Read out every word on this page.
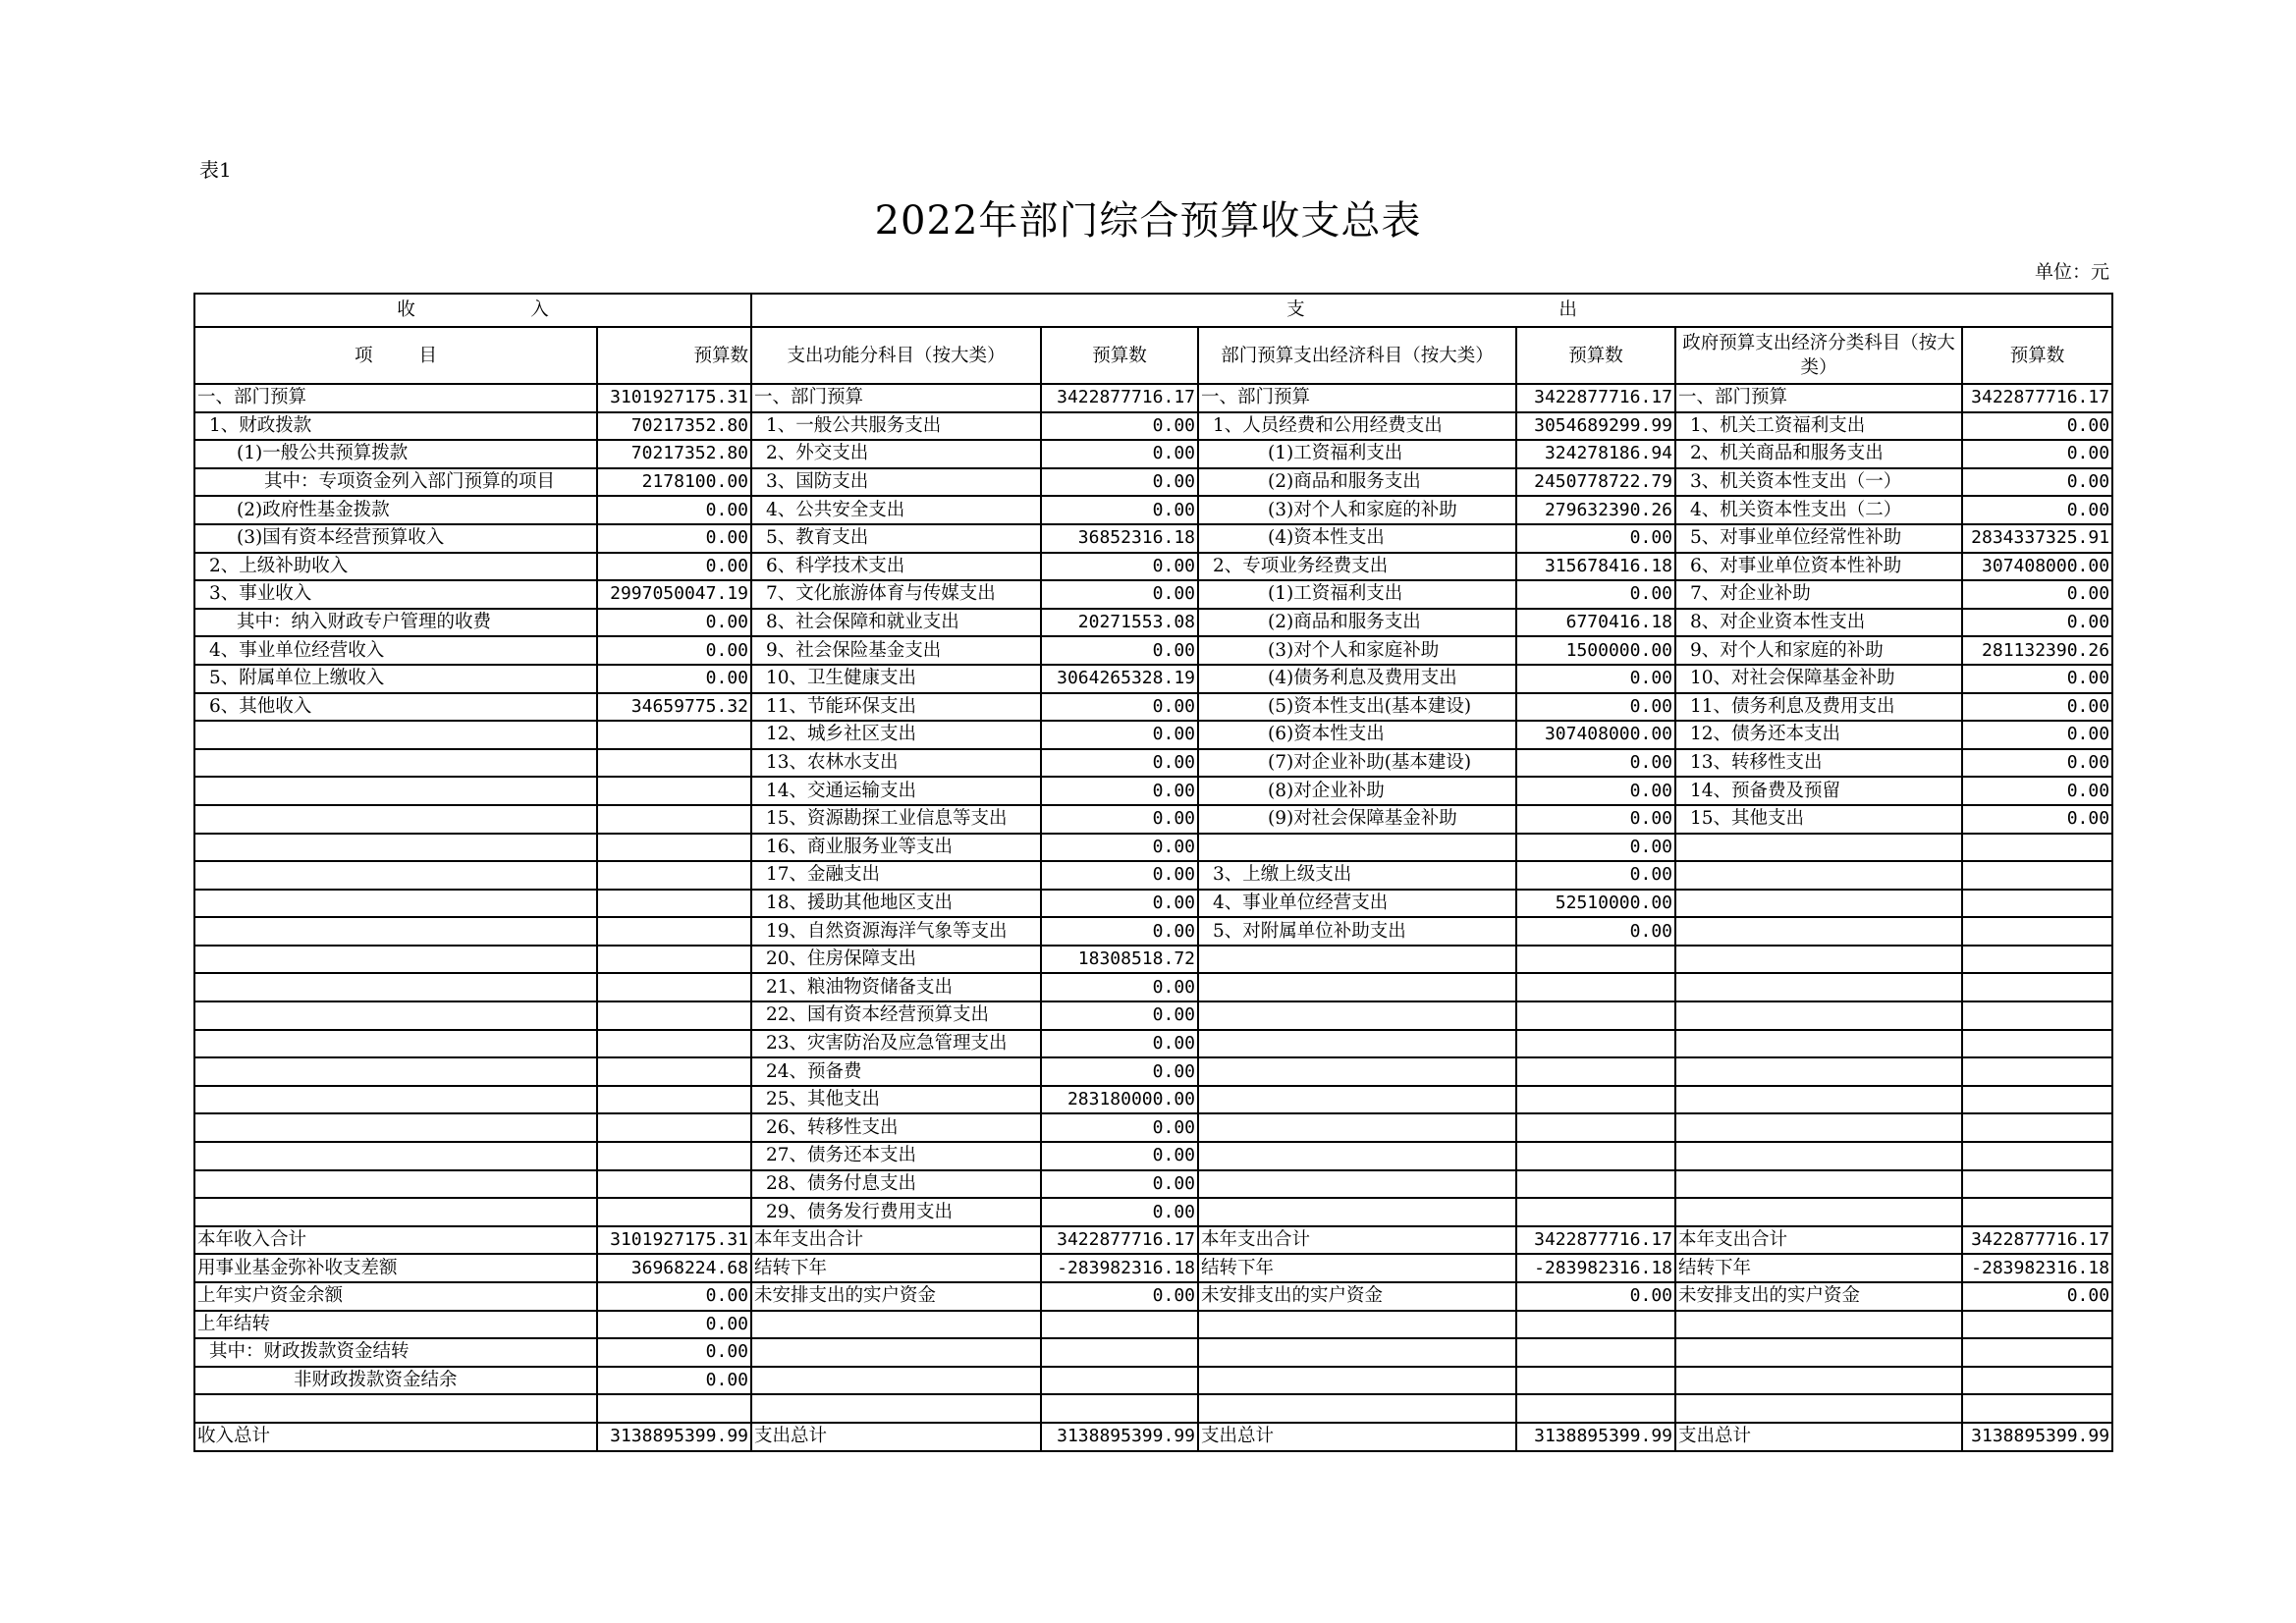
表1
2022年部门综合预算收支总表
单位：元
收                    入		支                                            出					
项        目	预算数	支出功能分科目（按大类）	预算数	部门预算支出经济科目（按大类）	预算数	政府预算支出经济分类科目（按大类）	预算数
一、部门预算	3101927175.31	一、部门预算	3422877716.17	一、部门预算	3422877716.17	一、部门预算	3422877716.17
1、财政拨款	70217352.80	1、一般公共服务支出	0.00	1、人员经费和公用经费支出	3054689299.99	1、机关工资福利支出	0.00
(1)一般公共预算拨款	70217352.80	2、外交支出	0.00	(1)工资福利支出	324278186.94	2、机关商品和服务支出	0.00
其中：专项资金列入部门预算的项目	2178100.00	3、国防支出	0.00	(2)商品和服务支出	2450778722.79	3、机关资本性支出（一）	0.00
(2)政府性基金拨款	0.00	4、公共安全支出	0.00	(3)对个人和家庭的补助	279632390.26	4、机关资本性支出（二）	0.00
(3)国有资本经营预算收入	0.00	5、教育支出	36852316.18	(4)资本性支出	0.00	5、对事业单位经常性补助	2834337325.91
2、上级补助收入	0.00	6、科学技术支出	0.00	2、专项业务经费支出	315678416.18	6、对事业单位资本性补助	307408000.00
3、事业收入	2997050047.19	7、文化旅游体育与传媒支出	0.00	(1)工资福利支出	0.00	7、对企业补助	0.00
其中：纳入财政专户管理的收费	0.00	8、社会保障和就业支出	20271553.08	(2)商品和服务支出	6770416.18	8、对企业资本性支出	0.00
4、事业单位经营收入	0.00	9、社会保险基金支出	0.00	(3)对个人和家庭补助	1500000.00	9、对个人和家庭的补助	281132390.26
5、附属单位上缴收入	0.00	10、卫生健康支出	3064265328.19	(4)债务利息及费用支出	0.00	10、对社会保障基金补助	0.00
6、其他收入	34659775.32	11、节能环保支出	0.00	(5)资本性支出(基本建设)	0.00	11、债务利息及费用支出	0.00
		12、城乡社区支出	0.00	(6)资本性支出	307408000.00	12、债务还本支出	0.00
		13、农林水支出	0.00	(7)对企业补助(基本建设)	0.00	13、转移性支出	0.00
		14、交通运输支出	0.00	(8)对企业补助	0.00	14、预备费及预留	0.00
		15、资源勘探工业信息等支出	0.00	(9)对社会保障基金补助	0.00	15、其他支出	0.00
		16、商业服务业等支出	0.00		0.00		
		17、金融支出	0.00	3、上缴上级支出	0.00		
		18、援助其他地区支出	0.00	4、事业单位经营支出	52510000.00		
		19、自然资源海洋气象等支出	0.00	5、对附属单位补助支出	0.00		
		20、住房保障支出	18308518.72				
		21、粮油物资储备支出	0.00				
		22、国有资本经营预算支出	0.00				
		23、灾害防治及应急管理支出	0.00				
		24、预备费	0.00				
		25、其他支出	283180000.00				
		26、转移性支出	0.00				
		27、债务还本支出	0.00				
		28、债务付息支出	0.00				
		29、债务发行费用支出	0.00				
本年收入合计	3101927175.31	本年支出合计	3422877716.17	本年支出合计	3422877716.17	本年支出合计	3422877716.17
用事业基金弥补收支差额	36968224.68	结转下年	-283982316.18	结转下年	-283982316.18	结转下年	-283982316.18
上年实户资金余额	0.00	未安排支出的实户资金	0.00	未安排支出的实户资金	0.00	未安排支出的实户资金	0.00
上年结转	0.00						
其中：财政拨款资金结转	0.00						
非财政拨款资金结余	0.00						

收入总计	3138895399.99	支出总计	3138895399.99	支出总计	3138895399.99	支出总计	3138895399.99
